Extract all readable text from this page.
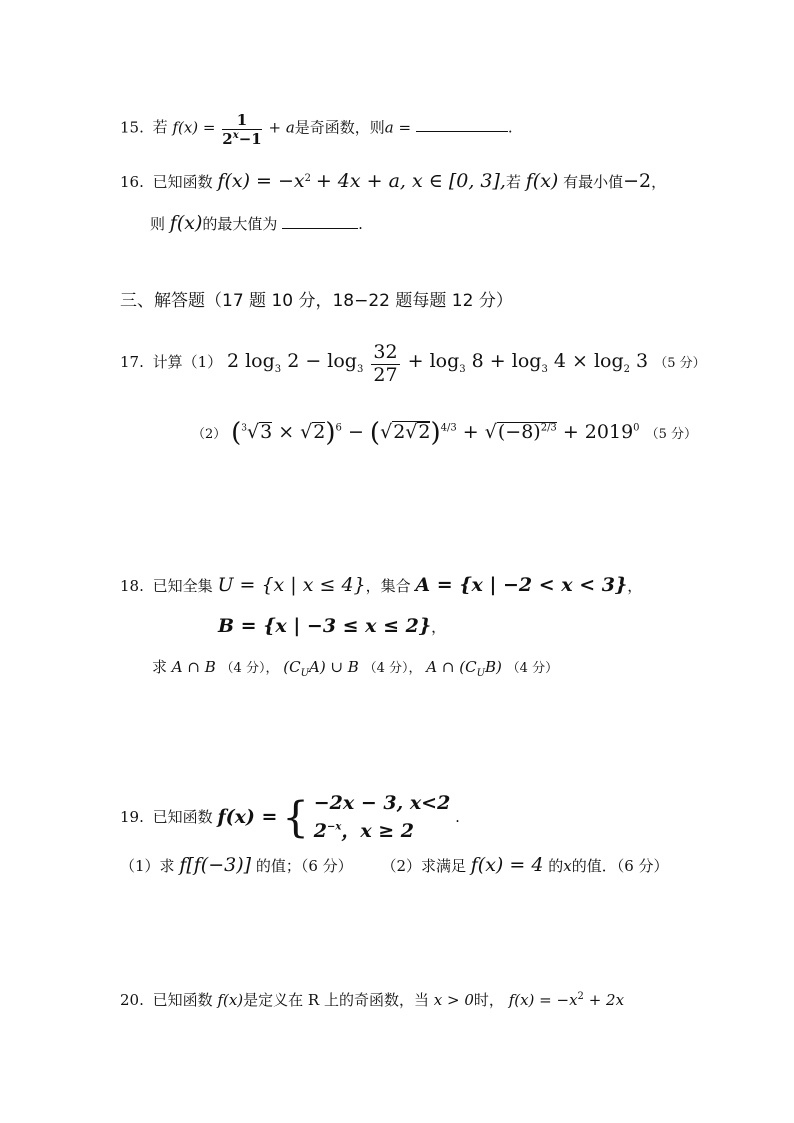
15. 若 $f(x) = \frac{1}{2^x-1} + a$是奇函数，则a =	.
16. 已知函数 $f(x) = -x^2 + 4x + a$, x ∈ [0, 3],若 f(x) 有最小值−2，
则 f(x)的最大值为	.
三、解答题（17 题 10 分，18−22 题每题 12 分）
17. 计算（1） 2 $\log_3 2 - \log_3 \frac{32}{27} + \log_3 8 + \log_3 4 \times \log_2 3$ （5 分）
（2） $(^3√3 \times √2)^6 - (√2√2)^{4/3} + √(-8)^{2/3} + 2019^0$ （5 分）
18. 已知全集 U = {x | x ≤ 4}，集合 A = {x | −2 < x < 3}，
B = {x | −3 ≤ x ≤ 2}，
求 A ∩ B （4 分）， $(C_UA)$ ∪ B （4 分）， A ∩ $(C_UB)$ （4 分）
19. 已知函数 f(x) = { −2x − 3, x<2
$2^{-x}$，x ≥ 2
.
（1）求 f[f(−3)] 的值；（6 分） （2）求满足 f(x) = 4 的x的值．（6 分）
20. 已知函数 f(x)是定义在 R 上的奇函数，当 x > 0时， $f(x) = -x^2 + 2x$
